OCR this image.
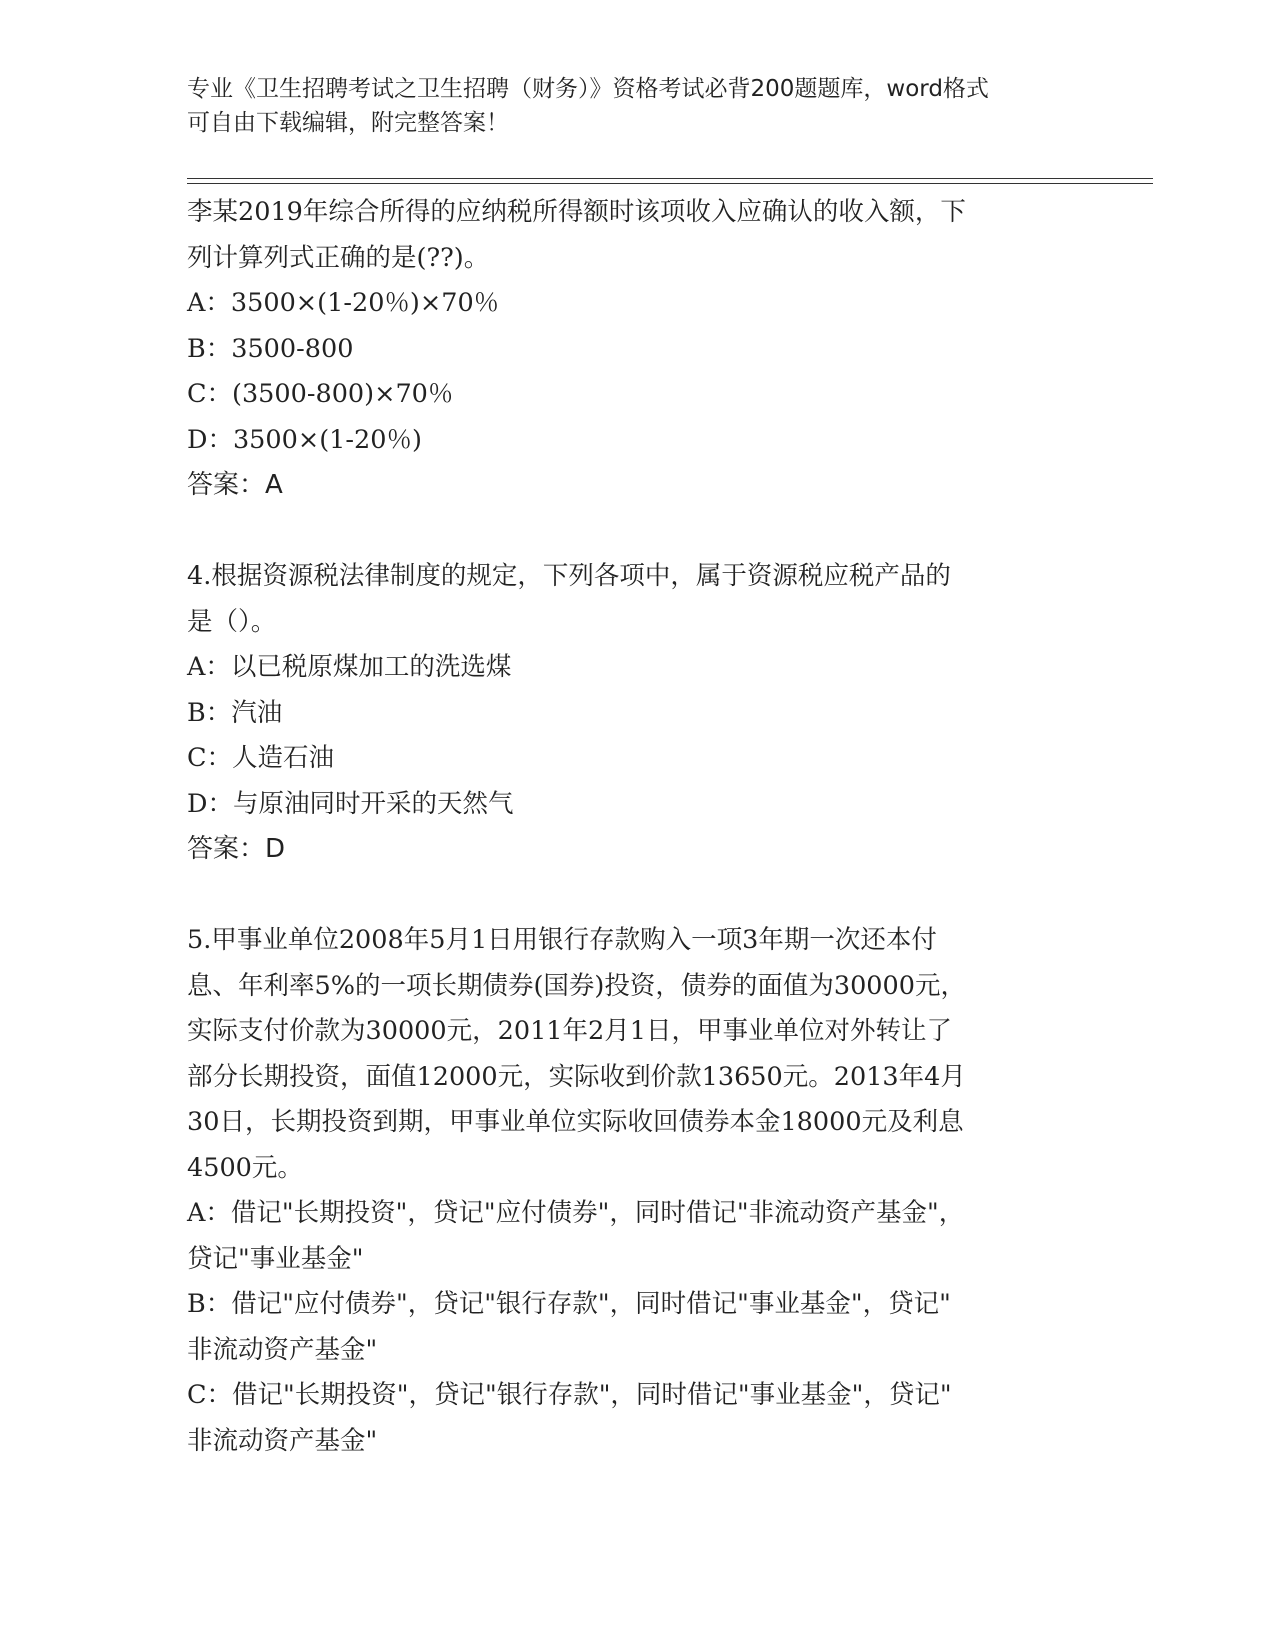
专业《卫生招聘考试之卫生招聘（财务）》资格考试必背200题题库，word格式
可自由下载编辑，附完整答案！
李某2019年综合所得的应纳税所得额时该项收入应确认的收入额，下
列计算列式正确的是(??)。
A：3500×(1-20％)×70％
B：3500-800
C：(3500-800)×70％
D：3500×(1-20％)
答案：A
4.根据资源税法律制度的规定，下列各项中，属于资源税应税产品的
是（）。
A：以已税原煤加工的洗选煤
B：汽油
C：人造石油
D：与原油同时开采的天然气
答案：D
5.甲事业单位2008年5月1日用银行存款购入一项3年期一次还本付
息、年利率5%的一项长期债券(国券)投资，债券的面值为30000元，
实际支付价款为30000元，2011年2月1日，甲事业单位对外转让了
部分长期投资，面值12000元，实际收到价款13650元。2013年4月
30日，长期投资到期，甲事业单位实际收回债券本金18000元及利息
4500元。
A：借记"长期投资"，贷记"应付债券"，同时借记"非流动资产基金"，
贷记"事业基金"
B：借记"应付债券"，贷记"银行存款"，同时借记"事业基金"，贷记"
非流动资产基金"
C：借记"长期投资"，贷记"银行存款"，同时借记"事业基金"，贷记"
非流动资产基金"
